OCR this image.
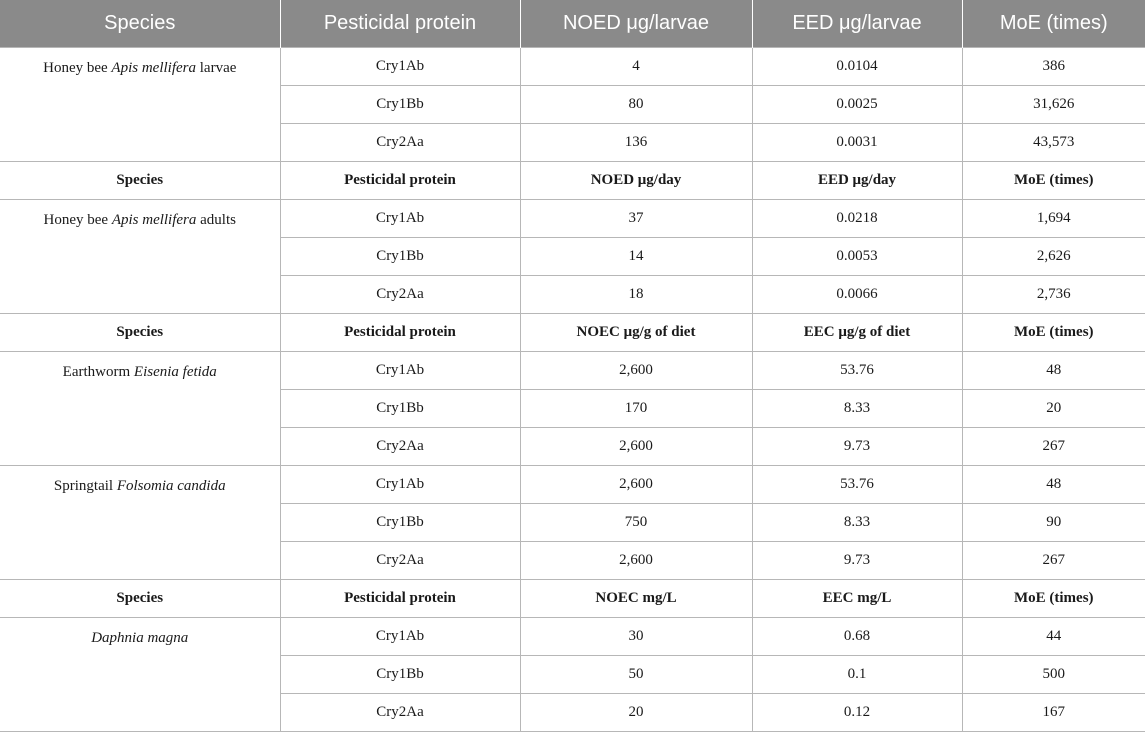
Species	Pesticidal protein	NOED μg/larvae	EED μg/larvae	MoE (times)
Honey bee Apis mellifera larvae	Cry1Ab	4	0.0104	386
	Cry1Bb	80	0.0025	31,626
	Cry2Aa	136	0.0031	43,573
Species	Pesticidal protein	NOED μg/day	EED μg/day	MoE (times)
Honey bee Apis mellifera adults	Cry1Ab	37	0.0218	1,694
	Cry1Bb	14	0.0053	2,626
	Cry2Aa	18	0.0066	2,736
Species	Pesticidal protein	NOEC μg/g of diet	EEC μg/g of diet	MoE (times)
Earthworm Eisenia fetida	Cry1Ab	2,600	53.76	48
	Cry1Bb	170	8.33	20
	Cry2Aa	2,600	9.73	267
Springtail Folsomia candida	Cry1Ab	2,600	53.76	48
	Cry1Bb	750	8.33	90
	Cry2Aa	2,600	9.73	267
Species	Pesticidal protein	NOEC mg/L	EEC mg/L	MoE (times)
Daphnia magna	Cry1Ab	30	0.68	44
	Cry1Bb	50	0.1	500
	Cry2Aa	20	0.12	167
